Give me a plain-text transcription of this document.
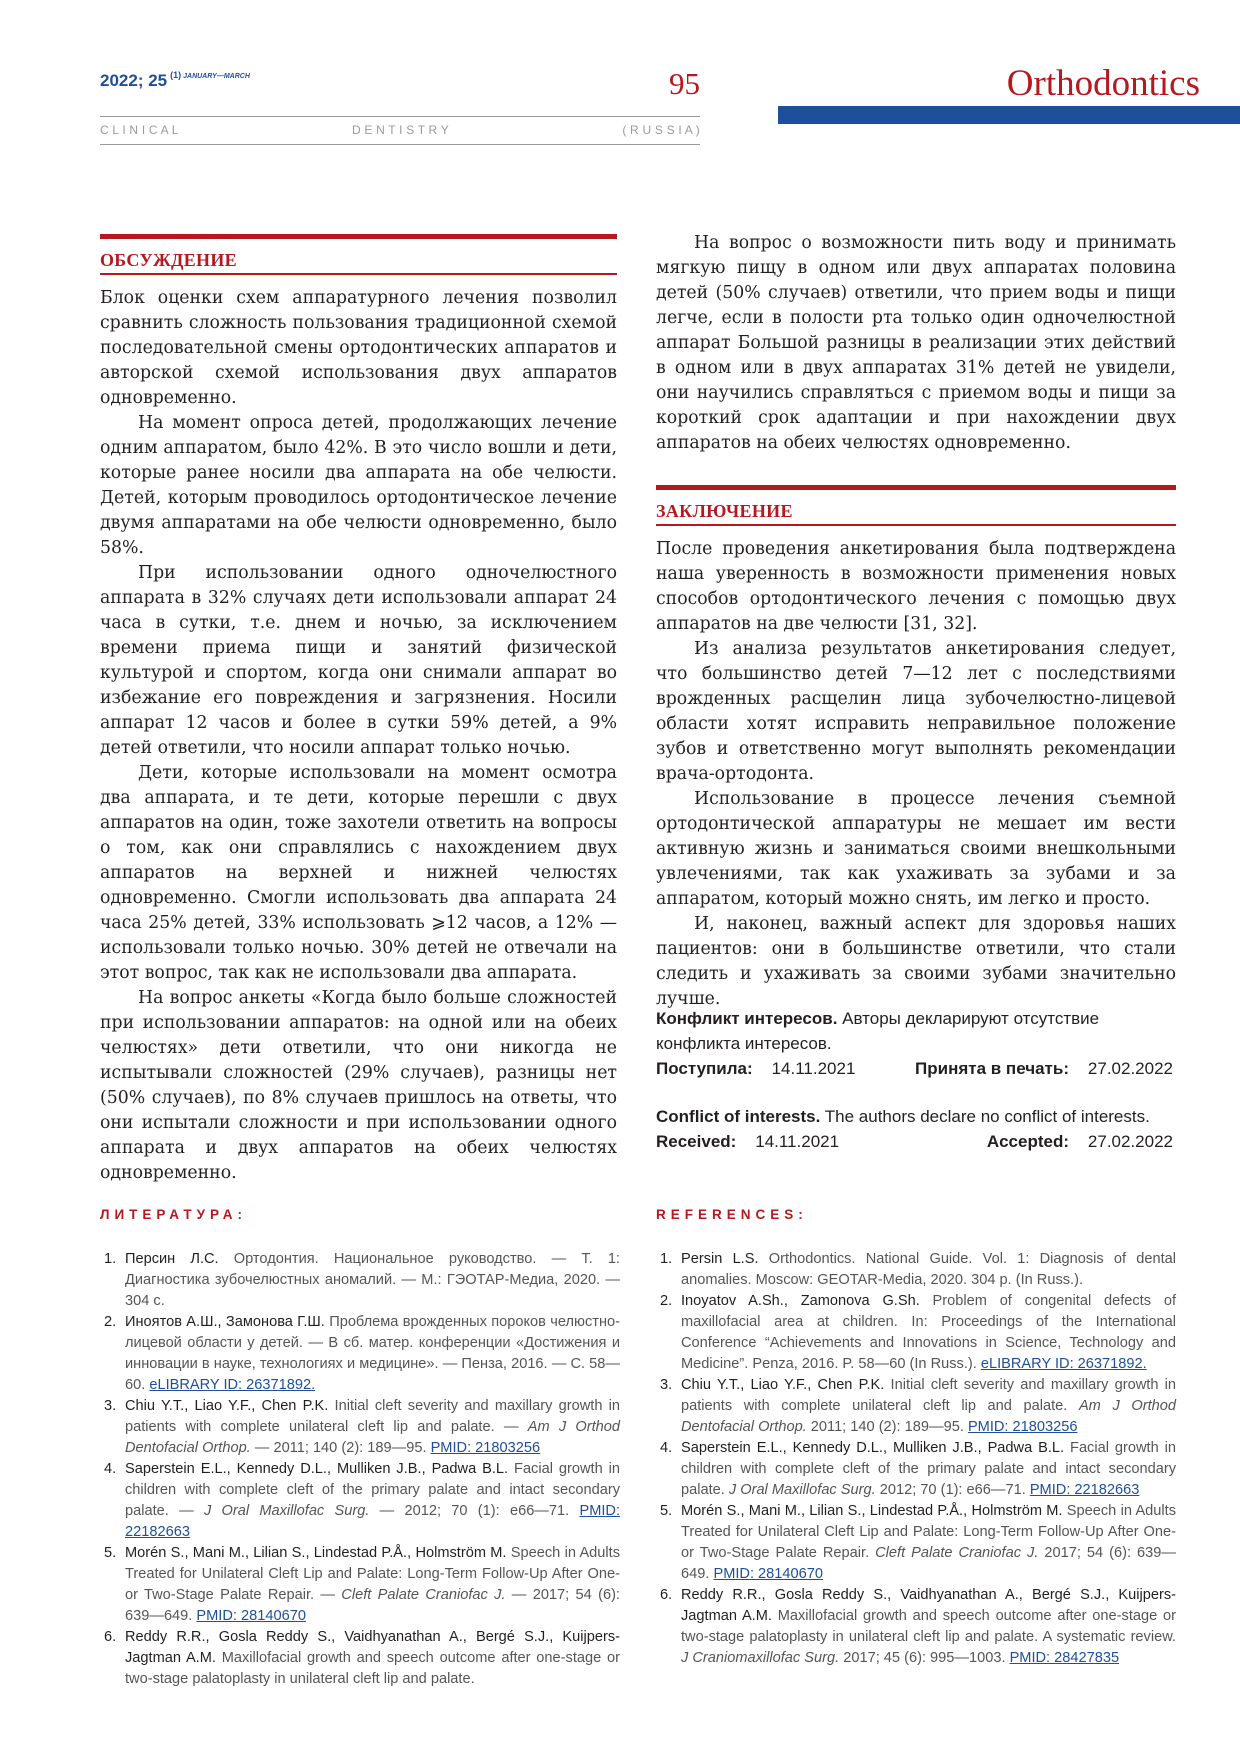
2022; 25 $^{(1)}$ $^{JANUARY—MARCH}$	95	Orthodontics
C L I N I C A L	D E N T I S T R Y	( R U S S I A )
ОБСУЖДЕНИЕ

Блок оценки схем аппаратурного лечения позволил сравнить сложность пользования традиционной схемой последовательной смены ортодонтических аппаратов и авторской схемой использования двух аппаратов одновременно.

На момент опроса детей, продолжающих лечение одним аппаратом, было 42%. В это число вошли и дети, которые ранее носили два аппарата на обе челюсти. Детей, которым проводилось ортодонтическое лечение двумя аппаратами на обе челюсти одновременно, было 58%.

При использовании одного одночелюстного аппарата в 32% случаях дети использовали аппарат 24 часа в сутки, т.е. днем и ночью, за исключением времени приема пищи и занятий физической культурой и спортом, когда они снимали аппарат во избежание его повреждения и загрязнения. Носили аппарат 12 часов и более в сутки 59% детей, а 9% детей ответили, что носили аппарат только ночью.

Дети, которые использовали на момент осмотра два аппарата, и те дети, которые перешли с двух аппаратов на один, тоже захотели ответить на вопросы о том, как они справлялись с нахождением двух аппаратов на верхней и нижней челюстях одновременно. Смогли использовать два аппарата 24 часа 25% детей, 33% использовать ⩾12 часов, а 12% — использовали только ночью. 30% детей не отвечали на этот вопрос, так как не использовали два аппарата.

На вопрос анкеты «Когда было больше сложностей при использовании аппаратов: на одной или на обеих челюстях» дети ответили, что они никогда не испытывали сложностей (29% случаев), разницы нет (50% случаев), по 8% случаев пришлось на ответы, что они испытали сложности и при использовании одного аппарата и двух аппаратов на обеих челюстях одновременно.

На вопрос о возможности пить воду и принимать мягкую пищу в одном или двух аппаратах половина детей (50% случаев) ответили, что прием воды и пищи легче, если в полости рта только один одночелюстной аппарат Большой разницы в реализации этих действий в одном или в двух аппаратах 31% детей не увидели, они научились справляться с приемом воды и пищи за короткий срок адаптации и при нахождении двух аппаратов на обеих челюстях одновременно.

ЗАКЛЮЧЕНИЕ

После проведения анкетирования была подтверждена наша уверенность в возможности применения новых способов ортодонтического лечения с помощью двух аппаратов на две челюсти [31, 32].

Из анализа результатов анкетирования следует, что большинство детей 7—12 лет с последствиями врожденных расщелин лица зубочелюстно-лицевой области хотят исправить неправильное положение зубов и ответственно могут выполнять рекомендации врача-ортодонта.

Использование в процессе лечения съемной ортодонтической аппаратуры не мешает им вести активную жизнь и заниматься своими внешкольными увлечениями, так как ухаживать за зубами и за аппаратом, который можно снять, им легко и просто.

И, наконец, важный аспект для здоровья наших пациентов: они в большинстве ответили, что стали следить и ухаживать за своими зубами значительно лучше.

Конфликт интересов. Авторы декларируют отсутствие конфликта интересов.
Поступила: 14.11.2021	Принята в печать: 27.02.2022
Conflict of interests. The authors declare no conflict of interests.
Received: 14.11.2021	Accepted: 27.02.2022
ЛИТЕРАТУРА:
1. Персин Л.С. Ортодонтия. Национальное руководство. — Т. 1: Диагностика зубочелюстных аномалий. — М.: ГЭОТАР-Медиа, 2020. — 304 с.
2. Иноятов А.Ш., Замонова Г.Ш. Проблема врожденных пороков челюстно-лицевой области у детей. — В сб. матер. конференции «Достижения и инновации в науке, технологиях и медицине». — Пенза, 2016. — С. 58—60. eLIBRARY ID: 26371892.
3. Chiu Y.T., Liao Y.F., Chen P.K. Initial cleft severity and maxillary growth in patients with complete unilateral cleft lip and palate. — Am J Orthod Dentofacial Orthop. — 2011; 140 (2): 189—95. PMID: 21803256
4. Saperstein E.L., Kennedy D.L., Mulliken J.B., Padwa B.L. Facial growth in children with complete cleft of the primary palate and intact secondary palate. — J Oral Maxillofac Surg. — 2012; 70 (1): e66—71. PMID: 22182663
5. Morén S., Mani M., Lilian S., Lindestad P.Å., Holmström M. Speech in Adults Treated for Unilateral Cleft Lip and Palate: Long-Term Follow-Up After One- or Two-Stage Palate Repair. — Cleft Palate Craniofac J. — 2017; 54 (6): 639—649. PMID: 28140670
6. Reddy R.R., Gosla Reddy S., Vaidhyanathan A., Bergé S.J., Kuijpers-Jagtman A.M. Maxillofacial growth and speech outcome after one-stage or two-stage palatoplasty in unilateral cleft lip and palate.
REFERENCES:
1. Persin L.S. Orthodontics. National Guide. Vol. 1: Diagnosis of dental anomalies. Moscow: GEOTAR-Media, 2020. 304 p. (In Russ.).
2. Inoyatov A.Sh., Zamonova G.Sh. Problem of congenital defects of maxillofacial area at children. In: Proceedings of the International Conference “Achievements and Innovations in Science, Technology and Medicine”. Penza, 2016. P. 58—60 (In Russ.). eLIBRARY ID: 26371892.
3. Chiu Y.T., Liao Y.F., Chen P.K. Initial cleft severity and maxillary growth in patients with complete unilateral cleft lip and palate. Am J Orthod Dentofacial Orthop. 2011; 140 (2): 189—95. PMID: 21803256
4. Saperstein E.L., Kennedy D.L., Mulliken J.B., Padwa B.L. Facial growth in children with complete cleft of the primary palate and intact secondary palate. J Oral Maxillofac Surg. 2012; 70 (1): e66—71. PMID: 22182663
5. Morén S., Mani M., Lilian S., Lindestad P.Å., Holmström M. Speech in Adults Treated for Unilateral Cleft Lip and Palate: Long-Term Follow-Up After One- or Two-Stage Palate Repair. Cleft Palate Craniofac J. 2017; 54 (6): 639—649. PMID: 28140670
6. Reddy R.R., Gosla Reddy S., Vaidhyanathan A., Bergé S.J., Kuijpers-Jagtman A.M. Maxillofacial growth and speech outcome after one-stage or two-stage palatoplasty in unilateral cleft lip and palate. A systematic review. J Craniomaxillofac Surg. 2017; 45 (6): 995—1003. PMID: 28427835
